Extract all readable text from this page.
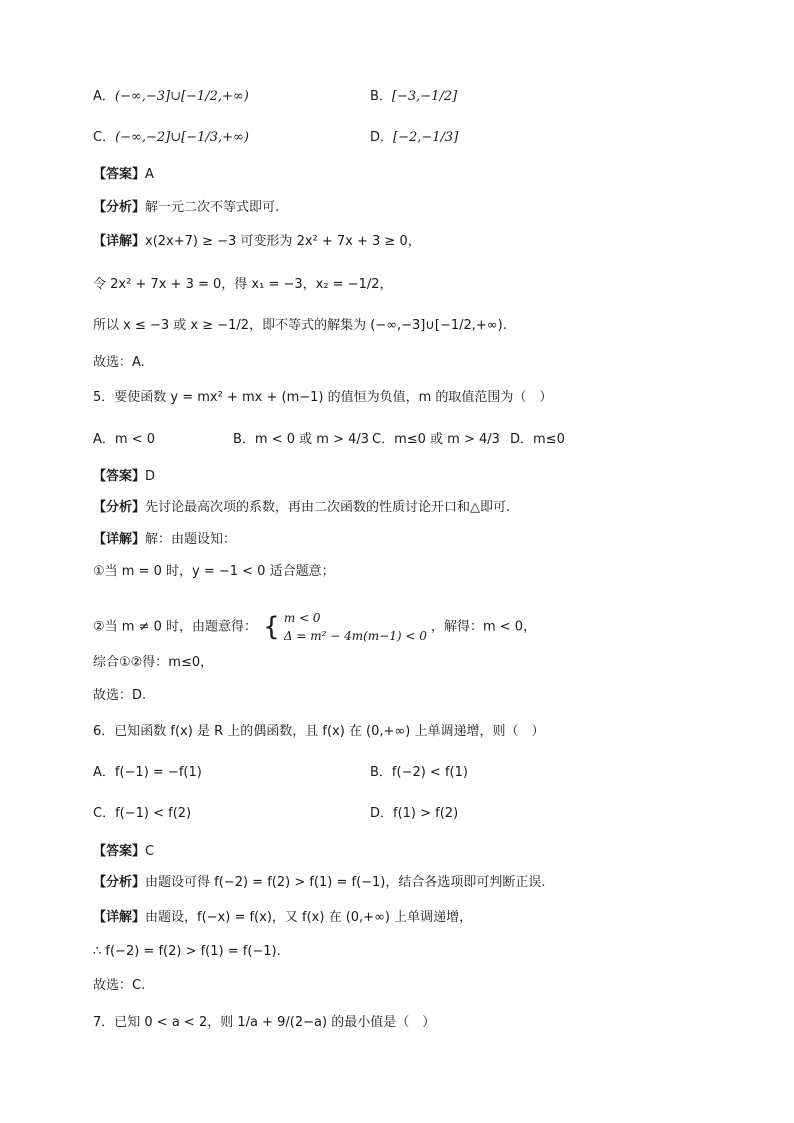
A．(−∞,−3]∪[−1/2,+∞)	B．[−3,−1/2]
C．(−∞,−2]∪[−1/3,+∞)	D．[−2,−1/3]
【答案】A
【分析】解一元二次不等式即可.
【详解】x(2x+7) ≥ −3 可变形为 2x² + 7x + 3 ≥ 0，
令 2x² + 7x + 3 = 0，得 x₁ = −3，x₂ = −1/2，
所以 x ≤ −3 或 x ≥ −1/2，即不等式的解集为 (−∞,−3]∪[−1/2,+∞).
故选：A.
5．要使函数 y = mx² + mx + (m−1) 的值恒为负值，m 的取值范围为（　）
A．m < 0	B．m < 0 或 m > 4/3 C．m≤0 或 m > 4/3 D．m≤0
【答案】D
【分析】先讨论最高次项的系数，再由二次函数的性质讨论开口和△即可.
【详解】解：由题设知：
①当 m = 0 时，y = −1 < 0 适合题意；
②当 m ≠ 0 时，由题意得： { m < 0
Δ = m² − 4m(m−1) < 0
，解得：m < 0，
综合①②得：m≤0，
故选：D.
6．已知函数 f(x) 是 R 上的偶函数，且 f(x) 在 (0,+∞) 上单调递增，则（　）
A．f(−1) = −f(1)	B．f(−2) < f(1)
C．f(−1) < f(2)	D．f(1) > f(2)
【答案】C
【分析】由题设可得 f(−2) = f(2) > f(1) = f(−1)，结合各选项即可判断正误.
【详解】由题设，f(−x) = f(x)，又 f(x) 在 (0,+∞) 上单调递增，
∴ f(−2) = f(2) > f(1) = f(−1).
故选：C.
7．已知 0 < a < 2，则 1/a + 9/(2−a) 的最小值是（　）
